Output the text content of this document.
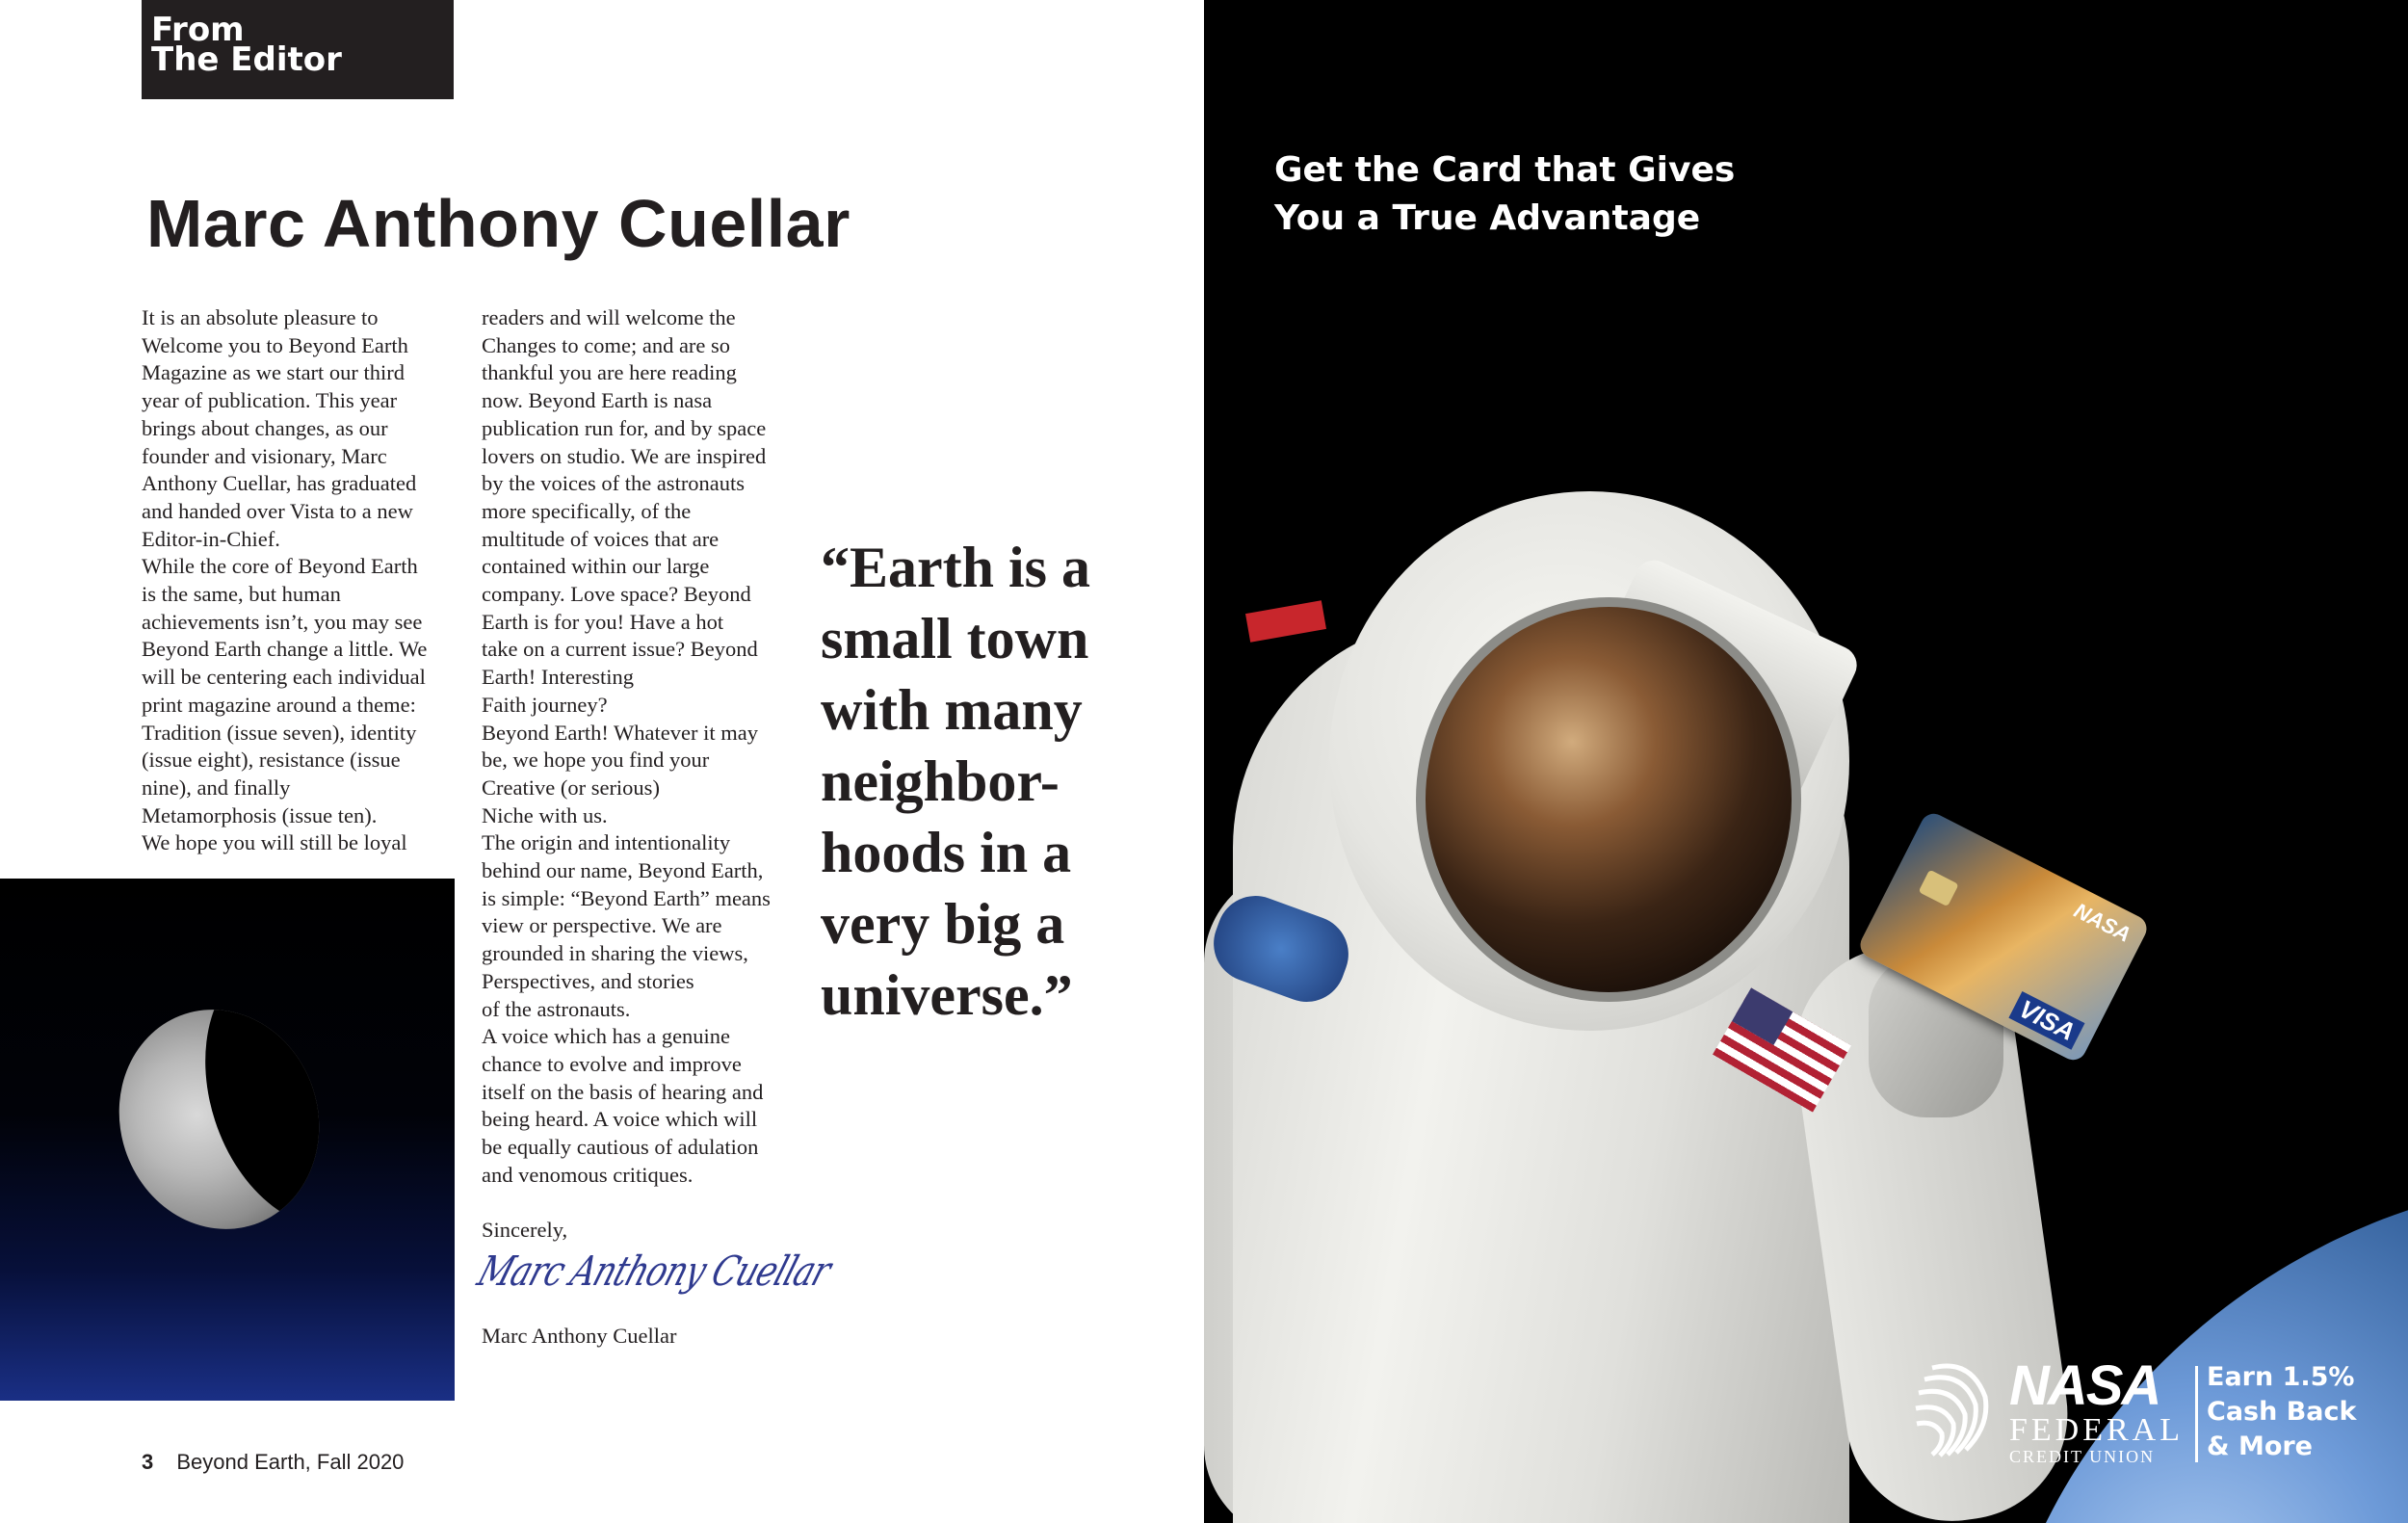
From
The Editor
Marc Anthony Cuellar

It is an absolute pleasure to

Welcome you to Beyond Earth

Magazine as we start our third

year of publication. This year

brings about changes, as our

founder and visionary, Marc

Anthony Cuellar, has graduated

and handed over Vista to a new

Editor-in-Chief.

While the core of Beyond Earth

is the same, but human

achievements isn’t, you may see

Beyond Earth change a little. We

will be centering each individual

print magazine around a theme:

Tradition (issue seven), identity

(issue eight), resistance (issue

nine), and finally

Metamorphosis (issue ten).

We hope you will still be loyal

readers and will welcome the

Changes to come; and are so

thankful you are here reading

now. Beyond Earth is nasa

publication run for, and by space

lovers on studio. We are inspired

by the voices of the astronauts

more specifically, of the

multitude of voices that are

contained within our large

company. Love space? Beyond

Earth is for you! Have a hot

take on a current issue? Beyond

Earth! Interesting

Faith journey?

Beyond Earth! Whatever it may

be, we hope you find your

Creative (or serious)

Niche with us.

The origin and intentionality

behind our name, Beyond Earth,

is simple: “Beyond Earth” means

view or perspective. We are

grounded in sharing the views,

Perspectives, and stories

of the astronauts.

A voice which has a genuine

chance to evolve and improve

itself on the basis of hearing and

being heard. A voice which will

be equally cautious of adulation

and venomous critiques.

Sincerely,

Marc Anthony Cuellar

Marc Anthony Cuellar

“Earth is a
small town
with many
neighbor-
hoods in a
very big a
universe.”
3 Beyond Earth, Fall 2020
Get the Card that Gives
You a True Advantage
NASA
VISA
NASA
FEDERAL
CREDIT UNION
Earn 1.5%
Cash Back
& More
